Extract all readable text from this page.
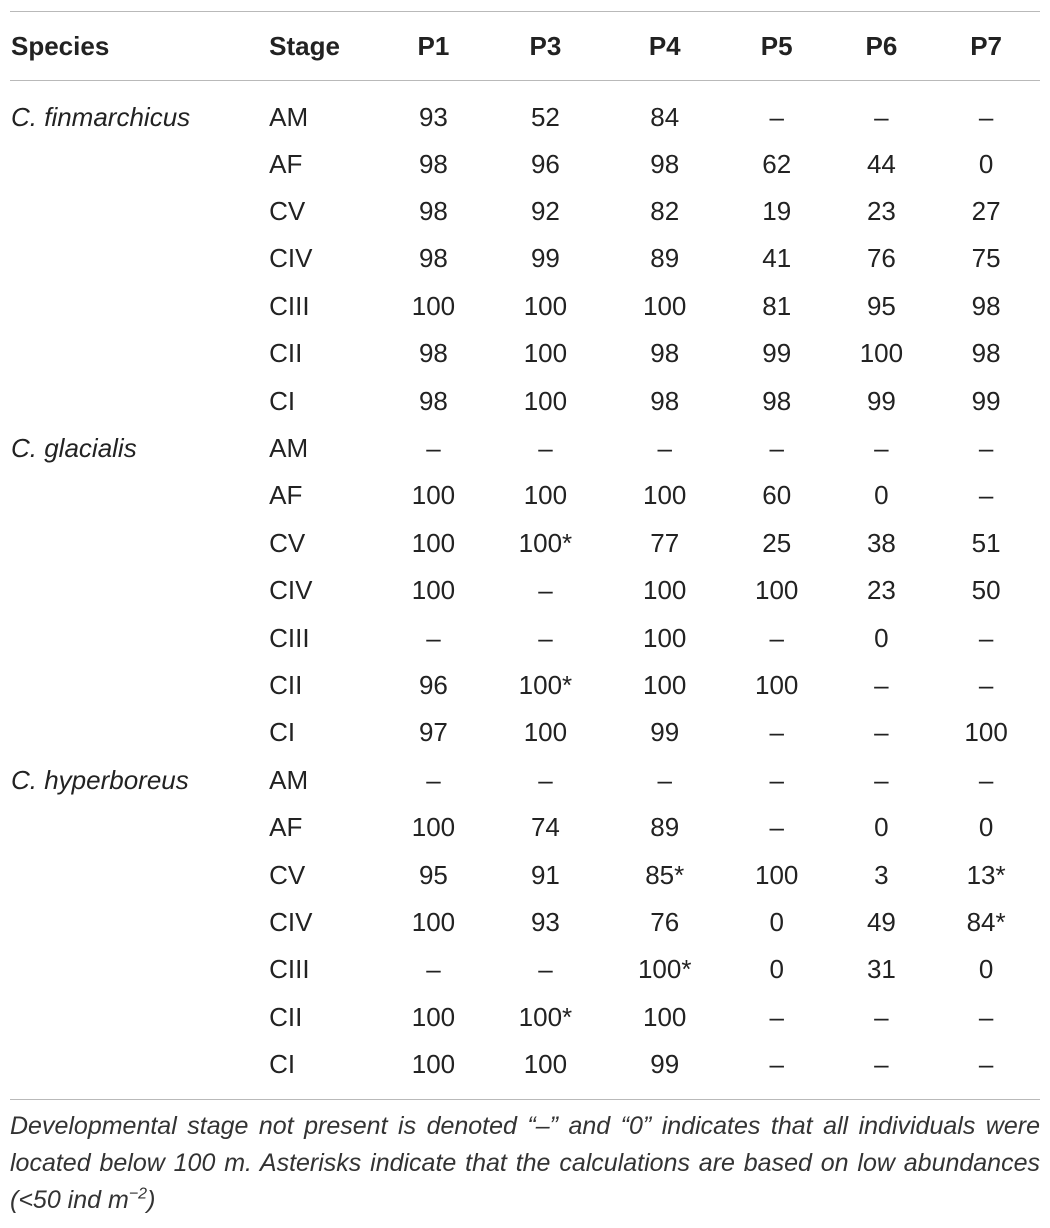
Species	Stage	P1	P3	P4	P5	P6	P7
C. finmarchicus	AM	93	52	84	–	–	–
	AF	98	96	98	62	44	0
	CV	98	92	82	19	23	27
	CIV	98	99	89	41	76	75
	CIII	100	100	100	81	95	98
	CII	98	100	98	99	100	98
	CI	98	100	98	98	99	99
C. glacialis	AM	–	–	–	–	–	–
	AF	100	100	100	60	0	–
	CV	100	100*	77	25	38	51
	CIV	100	–	100	100	23	50
	CIII	–	–	100	–	0	–
	CII	96	100*	100	100	–	–
	CI	97	100	99	–	–	100
C. hyperboreus	AM	–	–	–	–	–	–
	AF	100	74	89	–	0	0
	CV	95	91	85*	100	3	13*
	CIV	100	93	76	0	49	84*
	CIII	–	–	100*	0	31	0
	CII	100	100*	100	–	–	–
	CI	100	100	99	–	–	–

Developmental stage not present is denoted “–” and “0” indicates that all individuals were located below 100 m. Asterisks indicate that the calculations are based on low abundances (<50 ind $m^{-2}$)
